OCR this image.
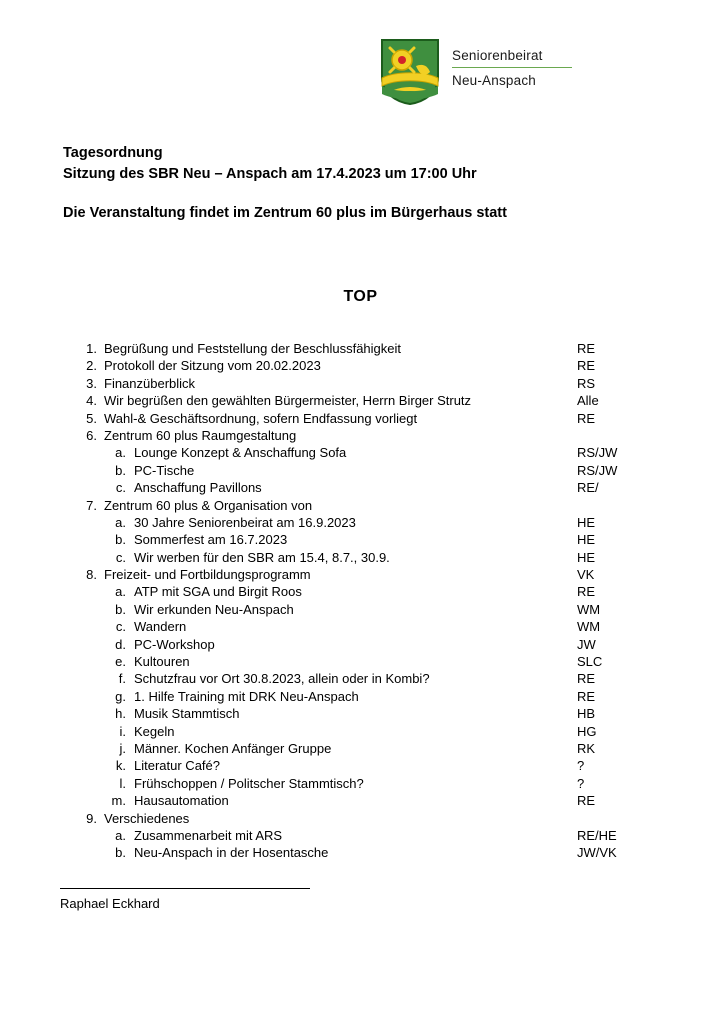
Seniorenbeirat
Neu-Anspach
Tagesordnung
Sitzung des SBR Neu – Anspach am 17.4.2023 um 17:00 Uhr
Die Veranstaltung findet im Zentrum 60 plus im Bürgerhaus statt
TOP
1. Begrüßung und Feststellung der Beschlussfähigkeit	RE
2. Protokoll der Sitzung vom 20.02.2023	RE
3. Finanzüberblick	RS
4. Wir begrüßen den gewählten Bürgermeister, Herrn Birger Strutz	Alle
5. Wahl-& Geschäftsordnung, sofern Endfassung vorliegt	RE
6. Zentrum 60 plus Raumgestaltung
a. Lounge Konzept & Anschaffung Sofa	RS/JW
b. PC-Tische	RS/JW
c. Anschaffung Pavillons	RE/
7. Zentrum 60 plus & Organisation von
a. 30 Jahre Seniorenbeirat am 16.9.2023	HE
b. Sommerfest am 16.7.2023	HE
c. Wir werben für den SBR am 15.4, 8.7., 30.9.	HE
8. Freizeit- und Fortbildungsprogramm	VK
a. ATP mit SGA und Birgit Roos	RE
b. Wir erkunden Neu-Anspach	WM
c. Wandern	WM
d. PC-Workshop	JW
e. Kultouren	SLC
f. Schutzfrau vor Ort 30.8.2023, allein oder in Kombi?	RE
g. 1. Hilfe Training mit DRK Neu-Anspach	RE
h. Musik Stammtisch	HB
i. Kegeln	HG
j. Männer. Kochen Anfänger Gruppe	RK
k. Literatur Café?	?
l. Frühschoppen / Politscher Stammtisch?	?
m. Hausautomation	RE
9. Verschiedenes
a. Zusammenarbeit mit ARS	RE/HE
b. Neu-Anspach in der Hosentasche	JW/VK
Raphael Eckhard
